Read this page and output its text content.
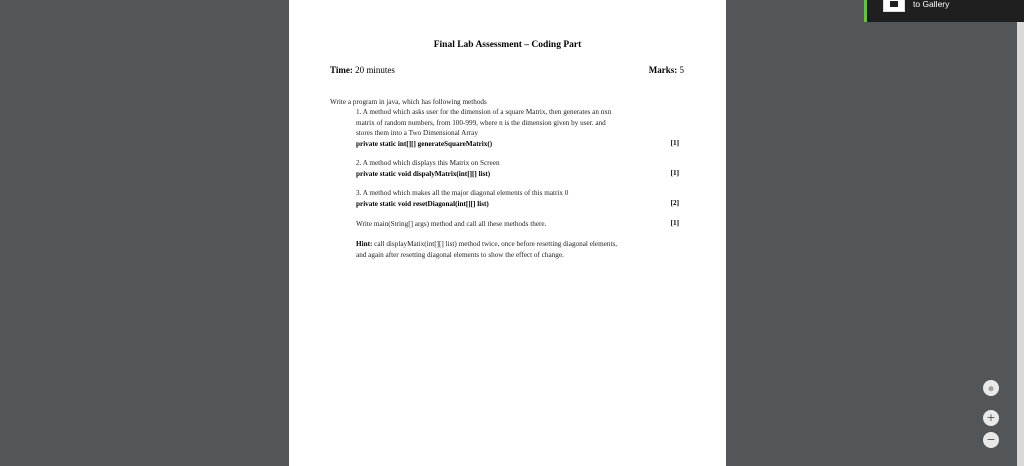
Final Lab Assessment – Coding Part
Time: 20 minutes	Marks: 5
Write a program in java, which has following methods
1. A method which asks user for the dimension of a square Matrix, then generates an nxn
matrix of random numbers, from 100-999, where n is the dimension given by user. and
stores them into a Two Dimensional Array
private static int[][] generateSquareMatrix()	[1]
2. A method which displays this Matrix on Screen
private static void dispalyMatrix(int[][] list)	[1]
3. A method which makes all the major diagonal elements of this matrix 0
private static void resetDiagonal(int[][] list)	[2]
Write main(String[] args) method and call all these methods there.	[1]
Hint: call displayMatix(int[][] list) method twice, once before resetting diagonal elements,
and again after resetting diagonal elements to show the effect of change.
to Gallery
⊕
+
−
